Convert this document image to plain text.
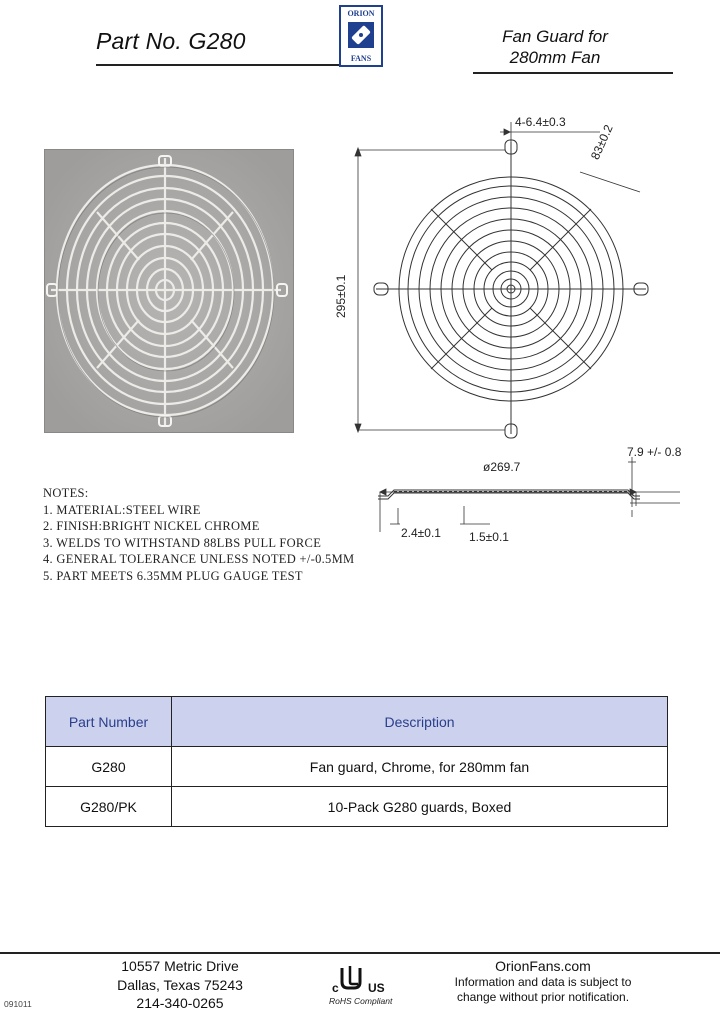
Part No. G280
ORION
FANS
Fan Guard for
280mm Fan
4-6.4±0.3
83±0.2
295±0.1
ø269.7
7.9 +/- 0.8
2.4±0.1 1.5±0.1
NOTES:
1. MATERIAL:STEEL WIRE
2. FINISH:BRIGHT NICKEL CHROME
3. WELDS TO WITHSTAND 88LBS PULL FORCE
4. GENERAL TOLERANCE UNLESS NOTED +/-0.5MM
5. PART MEETS 6.35MM PLUG GAUGE TEST
Part Number	Description
G280	Fan guard, Chrome, for 280mm fan
G280/PK	10-Pack G280 guards, Boxed
10557 Metric Drive
Dallas, Texas 75243
214-340-0265
c US
RoHS Compliant
OrionFans.com
Information and data is subject to
change without prior notification.
091011
